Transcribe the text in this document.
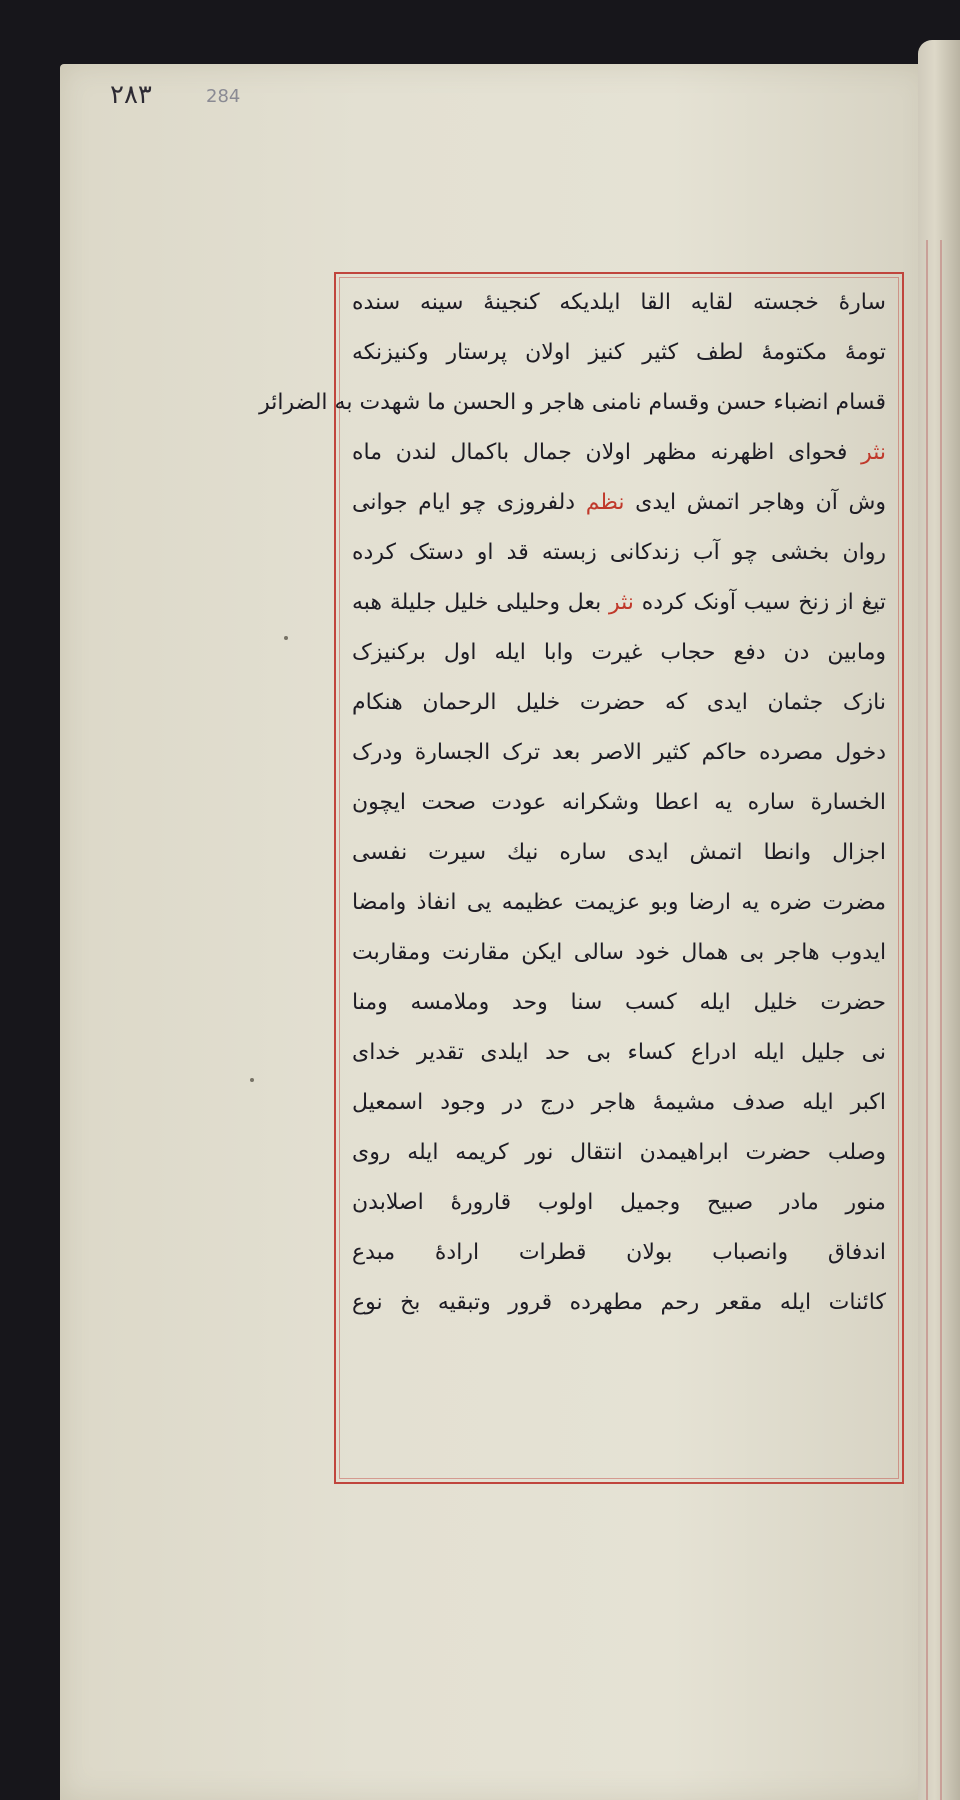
٢٨٣	284
سارهٔ خجسته لقایه القا ایلدیکه کنجینهٔ سینه سنده
تومهٔ مکتومهٔ لطف کثیر کنیز اولان پرستار وکنیزنکه
قسام انضباء حسن وقسام نامنی هاجر و الحسن ما شهدت به الضرائر
نثر فحوای اظهرنه مظهر اولان جمال باکمال لندن ماه
وش آن وهاجر اتمش ایدی نظم دلفروزی چو ایام جوانی
روان بخشی چو آب زندکانی زبسته قد او دستک کرده
تیغ از زنخ سیب آونک کرده نثر بعل وحلیلی خلیل جلیلة هبه
ومابین دن دفع حجاب غیرت وابا ایله اول برکنیزک
نازک جثمان ایدی که حضرت خلیل الرحمان هنکام
دخول مصرده حاکم کثیر الاصر بعد ترک الجسارة ودرک
الخسارة ساره یه اعطا وشکرانه عودت صحت ایچون
اجزال وانطا اتمش ایدی ساره نیك سیرت نفسی
مضرت ضره یه ارضا وبو عزیمت عظیمه یی انفاذ وامضا
ایدوب هاجر بی همال خود سالی ایکن مقارنت ومقاربت
حضرت خلیل ایله کسب سنا وحد وملامسه ومنا
نی جلیل ایله ادراع کساء بی حد ایلدی تقدیر خدای
اکبر ایله صدف مشیمهٔ هاجر درج در وجود اسمعیل
وصلب حضرت ابراهیمدن انتقال نور کریمه ایله روی
منور مادر صبیح وجمیل اولوب قارورهٔ اصلابدن
اندفاق وانصباب بولان قطرات ارادهٔ مبدع
کائنات ایله مقعر رحم مطهرده قرور وتبقیه بخ نوع
